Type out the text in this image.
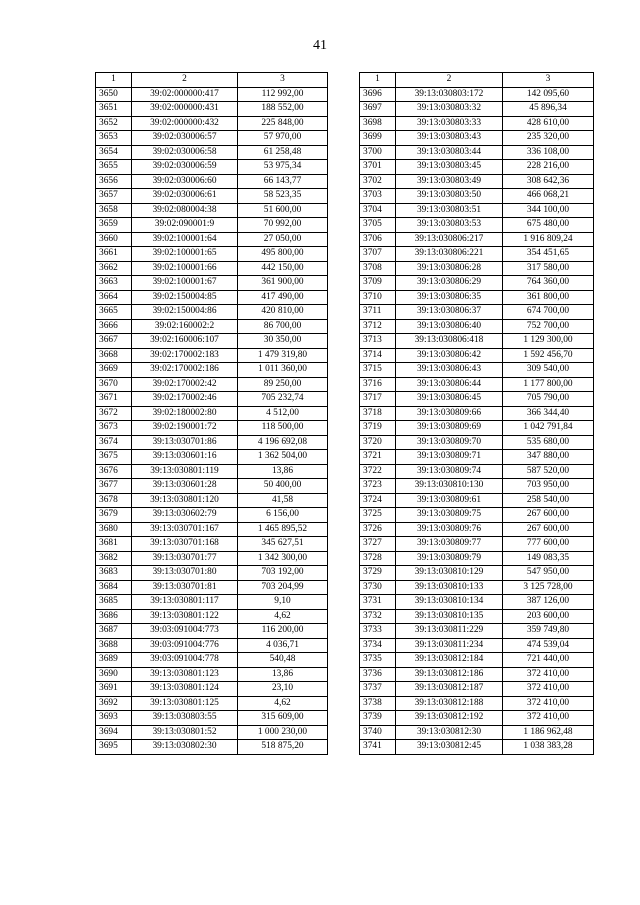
41
1	2	3
3650	39:02:000000:417	112 992,00
3651	39:02:000000:431	188 552,00
3652	39:02:000000:432	225 848,00
3653	39:02:030006:57	57 970,00
3654	39:02:030006:58	61 258,48
3655	39:02:030006:59	53 975,34
3656	39:02:030006:60	66 143,77
3657	39:02:030006:61	58 523,35
3658	39:02:080004:38	51 600,00
3659	39:02:090001:9	70 992,00
3660	39:02:100001:64	27 050,00
3661	39:02:100001:65	495 800,00
3662	39:02:100001:66	442 150,00
3663	39:02:100001:67	361 900,00
3664	39:02:150004:85	417 490,00
3665	39:02:150004:86	420 810,00
3666	39:02:160002:2	86 700,00
3667	39:02:160006:107	30 350,00
3668	39:02:170002:183	1 479 319,80
3669	39:02:170002:186	1 011 360,00
3670	39:02:170002:42	89 250,00
3671	39:02:170002:46	705 232,74
3672	39:02:180002:80	4 512,00
3673	39:02:190001:72	118 500,00
3674	39:13:030701:86	4 196 692,08
3675	39:13:030601:16	1 362 504,00
3676	39:13:030801:119	13,86
3677	39:13:030601:28	50 400,00
3678	39:13:030801:120	41,58
3679	39:13:030602:79	6 156,00
3680	39:13:030701:167	1 465 895,52
3681	39:13:030701:168	345 627,51
3682	39:13:030701:77	1 342 300,00
3683	39:13:030701:80	703 192,00
3684	39:13:030701:81	703 204,99
3685	39:13:030801:117	9,10
3686	39:13:030801:122	4,62
3687	39:03:091004:773	116 200,00
3688	39:03:091004:776	4 036,71
3689	39:03:091004:778	540,48
3690	39:13:030801:123	13,86
3691	39:13:030801:124	23,10
3692	39:13:030801:125	4,62
3693	39:13:030803:55	315 609,00
3694	39:13:030801:52	1 000 230,00
3695	39:13:030802:30	518 875,20
1	2	3
3696	39:13:030803:172	142 095,60
3697	39:13:030803:32	45 896,34
3698	39:13:030803:33	428 610,00
3699	39:13:030803:43	235 320,00
3700	39:13:030803:44	336 108,00
3701	39:13:030803:45	228 216,00
3702	39:13:030803:49	308 642,36
3703	39:13:030803:50	466 068,21
3704	39:13:030803:51	344 100,00
3705	39:13:030803:53	675 480,00
3706	39:13:030806:217	1 916 809,24
3707	39:13:030806:221	354 451,65
3708	39:13:030806:28	317 580,00
3709	39:13:030806:29	764 360,00
3710	39:13:030806:35	361 800,00
3711	39:13:030806:37	674 700,00
3712	39:13:030806:40	752 700,00
3713	39:13:030806:418	1 129 300,00
3714	39:13:030806:42	1 592 456,70
3715	39:13:030806:43	309 540,00
3716	39:13:030806:44	1 177 800,00
3717	39:13:030806:45	705 790,00
3718	39:13:030809:66	366 344,40
3719	39:13:030809:69	1 042 791,84
3720	39:13:030809:70	535 680,00
3721	39:13:030809:71	347 880,00
3722	39:13:030809:74	587 520,00
3723	39:13:030810:130	703 950,00
3724	39:13:030809:61	258 540,00
3725	39:13:030809:75	267 600,00
3726	39:13:030809:76	267 600,00
3727	39:13:030809:77	777 600,00
3728	39:13:030809:79	149 083,35
3729	39:13:030810:129	547 950,00
3730	39:13:030810:133	3 125 728,00
3731	39:13:030810:134	387 126,00
3732	39:13:030810:135	203 600,00
3733	39:13:030811:229	359 749,80
3734	39:13:030811:234	474 539,04
3735	39:13:030812:184	721 440,00
3736	39:13:030812:186	372 410,00
3737	39:13:030812:187	372 410,00
3738	39:13:030812:188	372 410,00
3739	39:13:030812:192	372 410,00
3740	39:13:030812:30	1 186 962,48
3741	39:13:030812:45	1 038 383,28
